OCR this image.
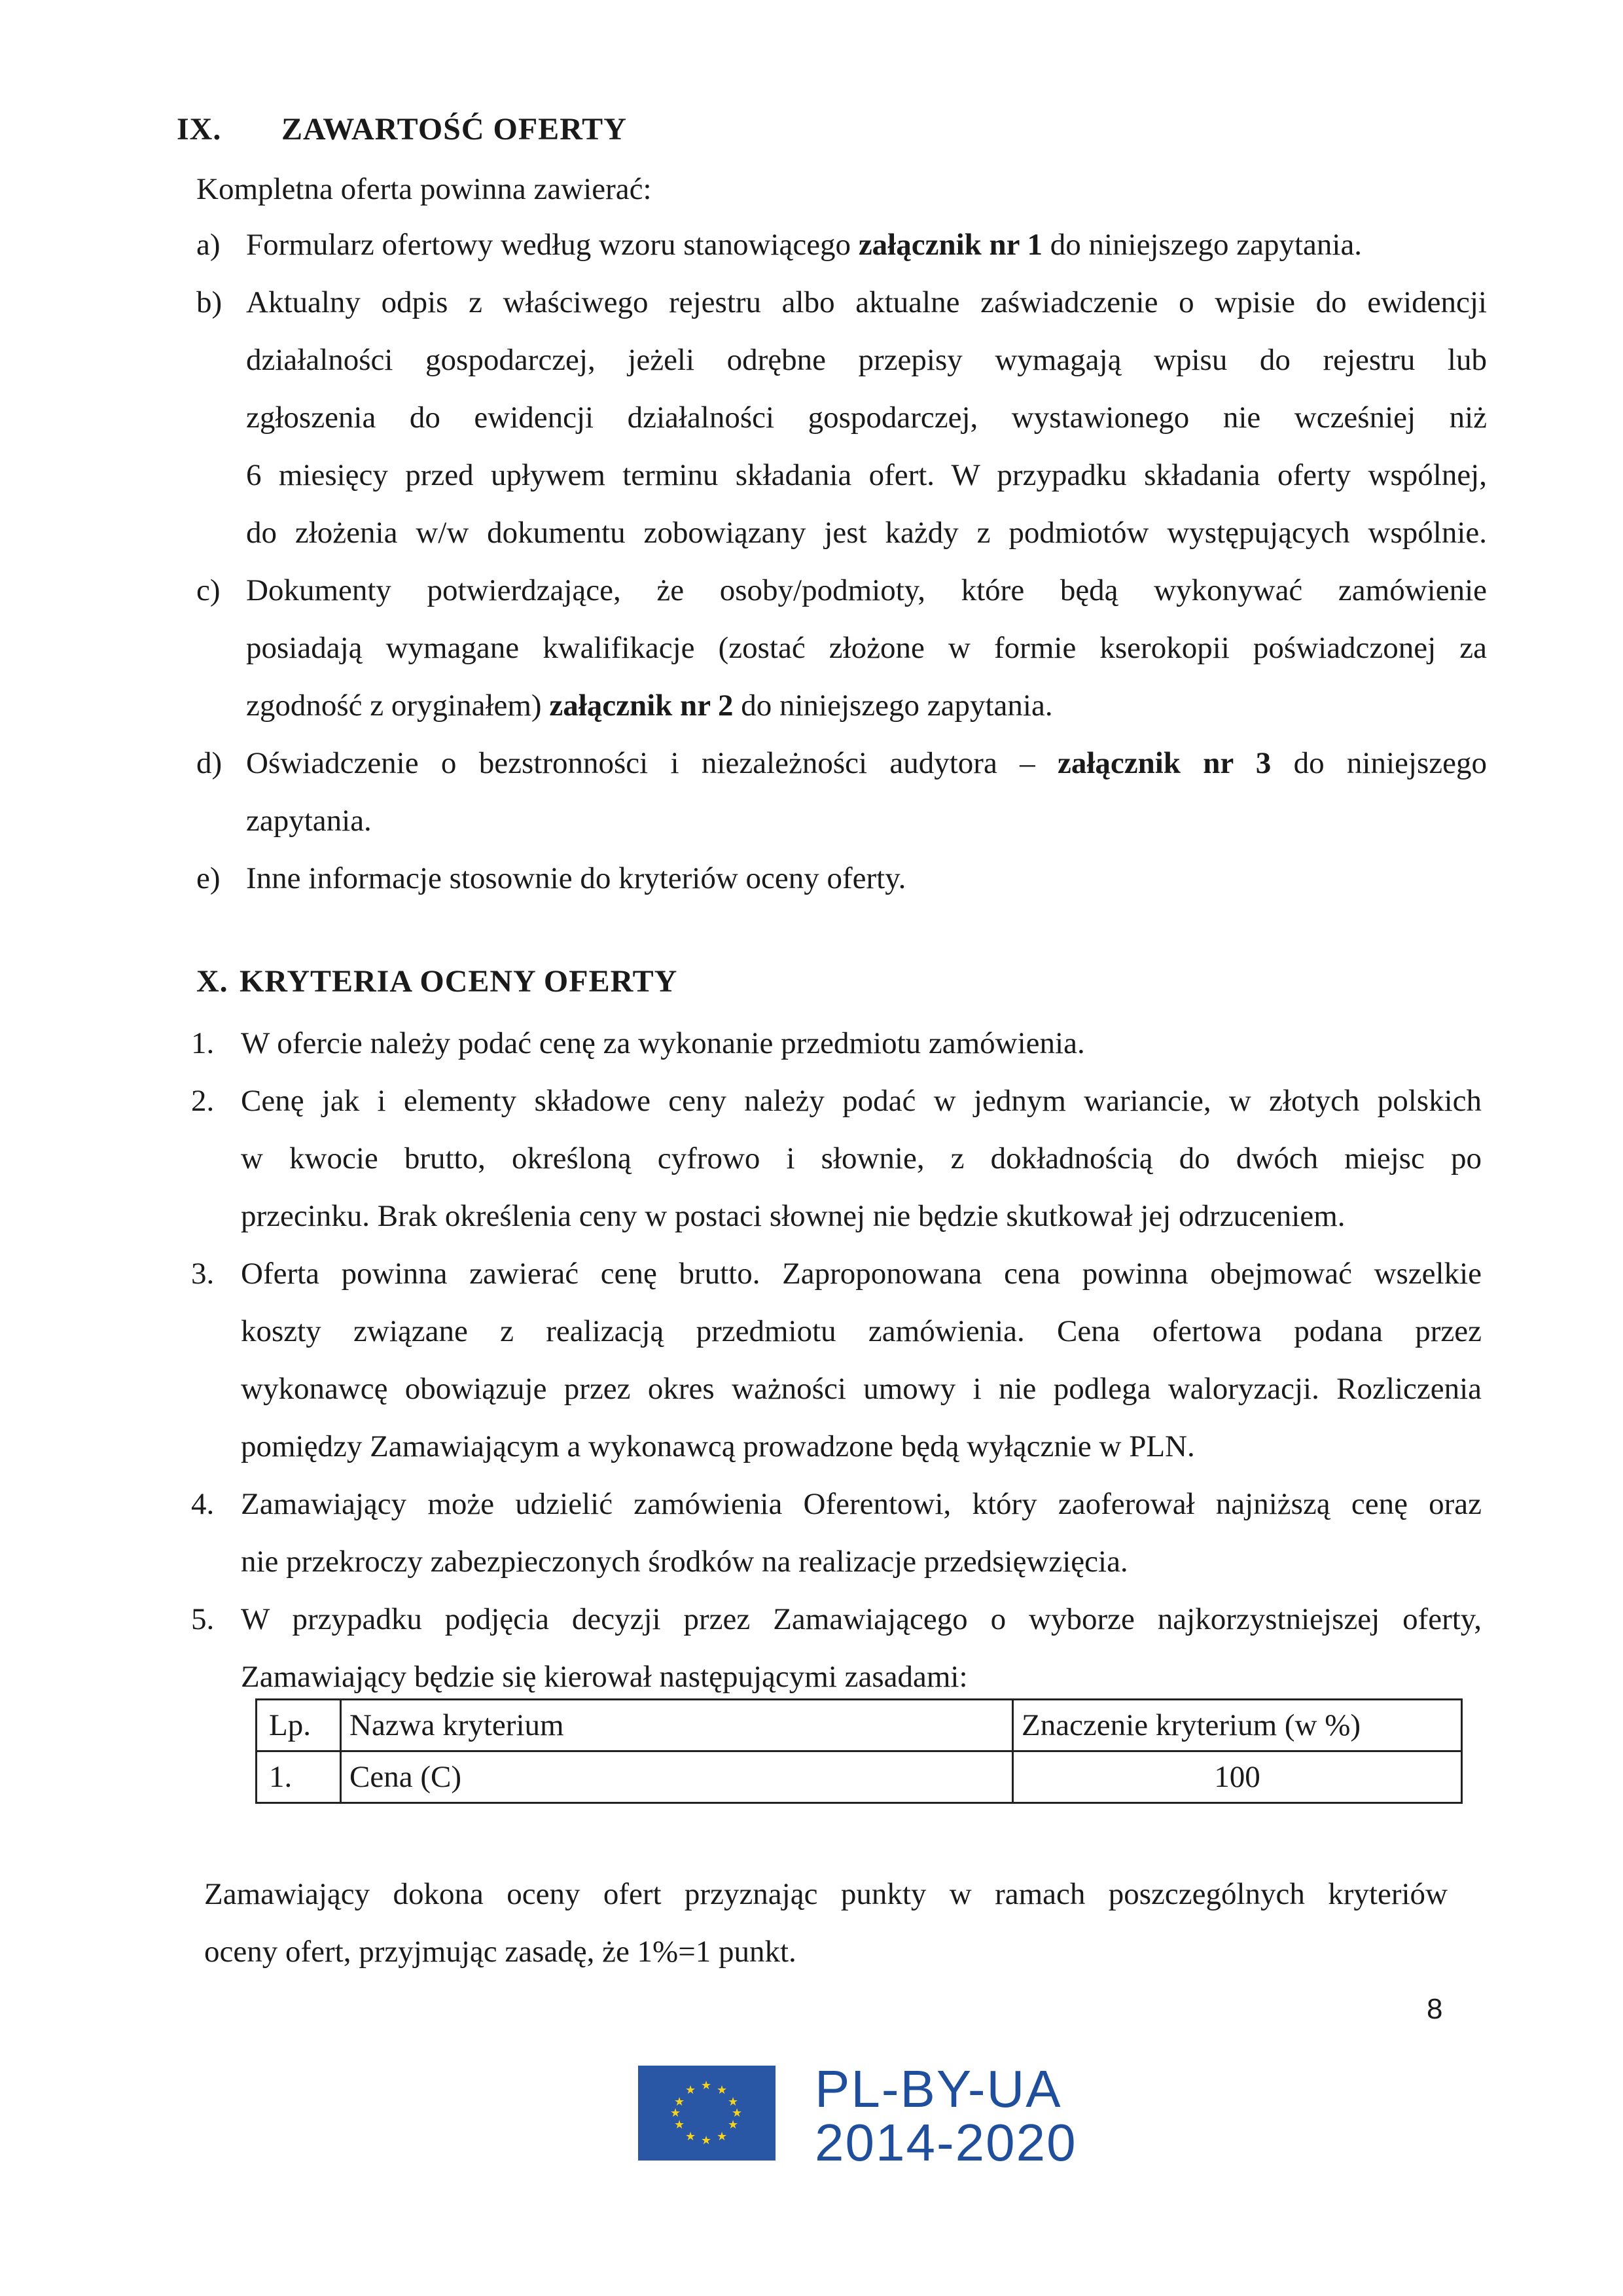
IX. ZAWARTOŚĆ OFERTY
Kompletna oferta powinna zawierać:
a) Formularz ofertowy według wzoru stanowiącego załącznik nr 1 do niniejszego zapytania.
b) Aktualny odpis z właściwego rejestru albo aktualne zaświadczenie o wpisie do ewidencji
działalności gospodarczej, jeżeli odrębne przepisy wymagają wpisu do rejestru lub
zgłoszenia do ewidencji działalności gospodarczej, wystawionego nie wcześniej niż
6 miesięcy przed upływem terminu składania ofert. W przypadku składania oferty wspólnej,
do złożenia w/w dokumentu zobowiązany jest każdy z podmiotów występujących wspólnie.
c) Dokumenty potwierdzające, że osoby/podmioty, które będą wykonywać zamówienie
posiadają wymagane kwalifikacje (zostać złożone w formie kserokopii poświadczonej za
zgodność z oryginałem) załącznik nr 2 do niniejszego zapytania.
d) Oświadczenie o bezstronności i niezależności audytora – załącznik nr 3 do niniejszego
zapytania.
e) Inne informacje stosownie do kryteriów oceny oferty.
X. KRYTERIA OCENY OFERTY
1. W ofercie należy podać cenę za wykonanie przedmiotu zamówienia.
2. Cenę jak i elementy składowe ceny należy podać w jednym wariancie, w złotych polskich
w kwocie brutto, określoną cyfrowo i słownie, z dokładnością do dwóch miejsc po
przecinku. Brak określenia ceny w postaci słownej nie będzie skutkował jej odrzuceniem.
3. Oferta powinna zawierać cenę brutto. Zaproponowana cena powinna obejmować wszelkie
koszty związane z realizacją przedmiotu zamówienia. Cena ofertowa podana przez
wykonawcę obowiązuje przez okres ważności umowy i nie podlega waloryzacji. Rozliczenia
pomiędzy Zamawiającym a wykonawcą prowadzone będą wyłącznie w PLN.
4. Zamawiający może udzielić zamówienia Oferentowi, który zaoferował najniższą cenę oraz
nie przekroczy zabezpieczonych środków na realizacje przedsięwzięcia.
5. W przypadku podjęcia decyzji przez Zamawiającego o wyborze najkorzystniejszej oferty,
Zamawiający będzie się kierował następującymi zasadami:
Lp.	Nazwa kryterium	Znaczenie kryterium (w %)
1.	Cena (C)	100
Zamawiający dokona oceny ofert przyznając punkty w ramach poszczególnych kryteriów
oceny ofert, przyjmując zasadę, że 1%=1 punkt.
8
★ ★
★
★
★
★
★
★
★
★
★
★ PL-BY-UA
2014-2020
